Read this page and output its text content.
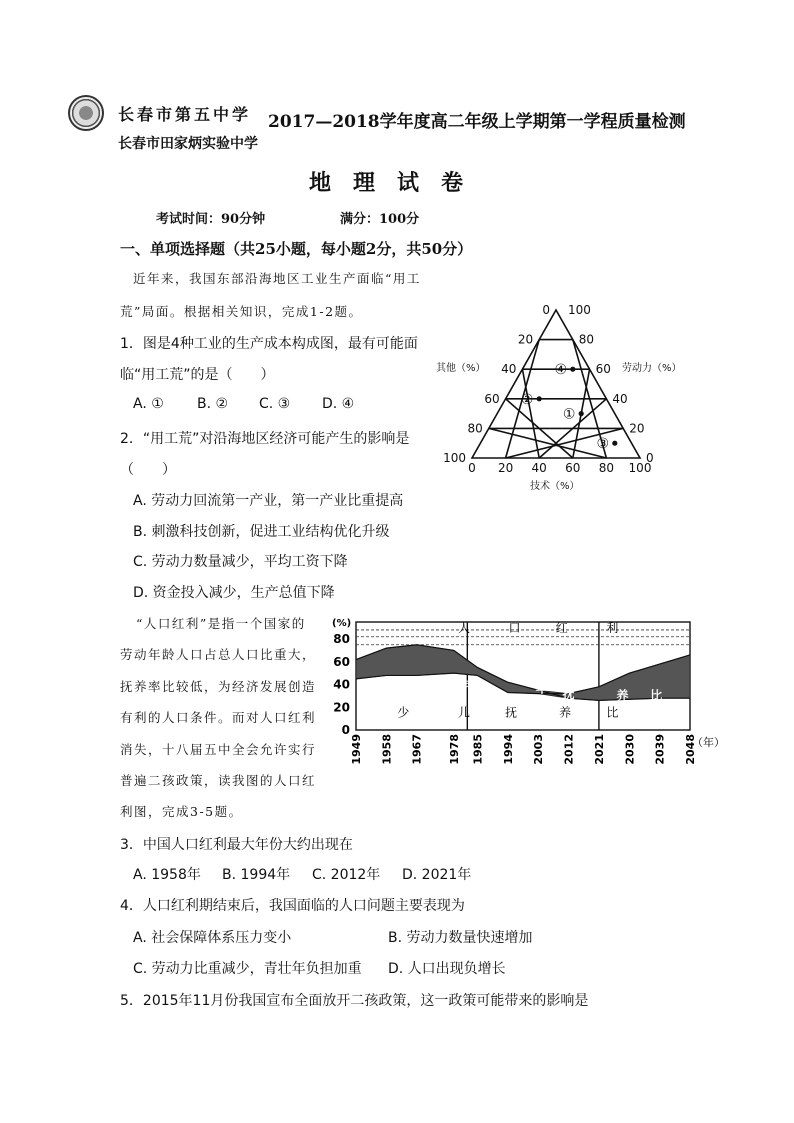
长春市第五中学 2017—2018学年度高二年级上学期第一学程质量检测
长春市田家炳实验中学
地理试卷
考试时间：90分钟	满分：100分
一、单项选择题（共25小题，每小题2分，共50分）
近年来，我国东部沿海地区工业生产面临“用工
荒”局面。根据相关知识，完成1-2题。
1．图是4种工业的生产成本构成图，最有可能面
临“用工荒”的是（　　）
A. ① B. ② C. ③ D. ④
2．“用工荒”对沿海地区经济可能产生的影响是
（　　）
A. 劳动力回流第一产业，第一产业比重提高
B. 刺激科技创新，促进工业结构优化升级
C. 劳动力数量减少，平均工资下降
D. 资金投入减少，生产总值下降
0
20
40
60
80
100
100
80
60
40
20
0
0 20 40 60 80 100
其他（%）	劳动力（%）
技术（%）
①
②
③
④
“人口红利”是指一个国家的
劳动年龄人口占总人口比重大，
抚养率比较低，为经济发展创造
有利的人口条件。而对人口红利
消失，十八届五中全会允许实行
普遍二孩政策，读我图的人口红
利图，完成3-5题。
0
20
40
60
80
(%)
1949 1958 1967 1978 1985 1994 2003 2012 2021 2030 2039 2048
（年）
人	口	红	利
老	年 抚	养 比
少	儿	抚	养	比
3．中国人口红利最大年份大约出现在
A. 1958年 B. 1994年 C. 2012年 D. 2021年
4．人口红利期结束后，我国面临的人口问题主要表现为
A. 社会保障体系压力变小	B. 劳动力数量快速增加
C. 劳动力比重减少，青壮年负担加重 D. 人口出现负增长
5．2015年11月份我国宣布全面放开二孩政策，这一政策可能带来的影响是
